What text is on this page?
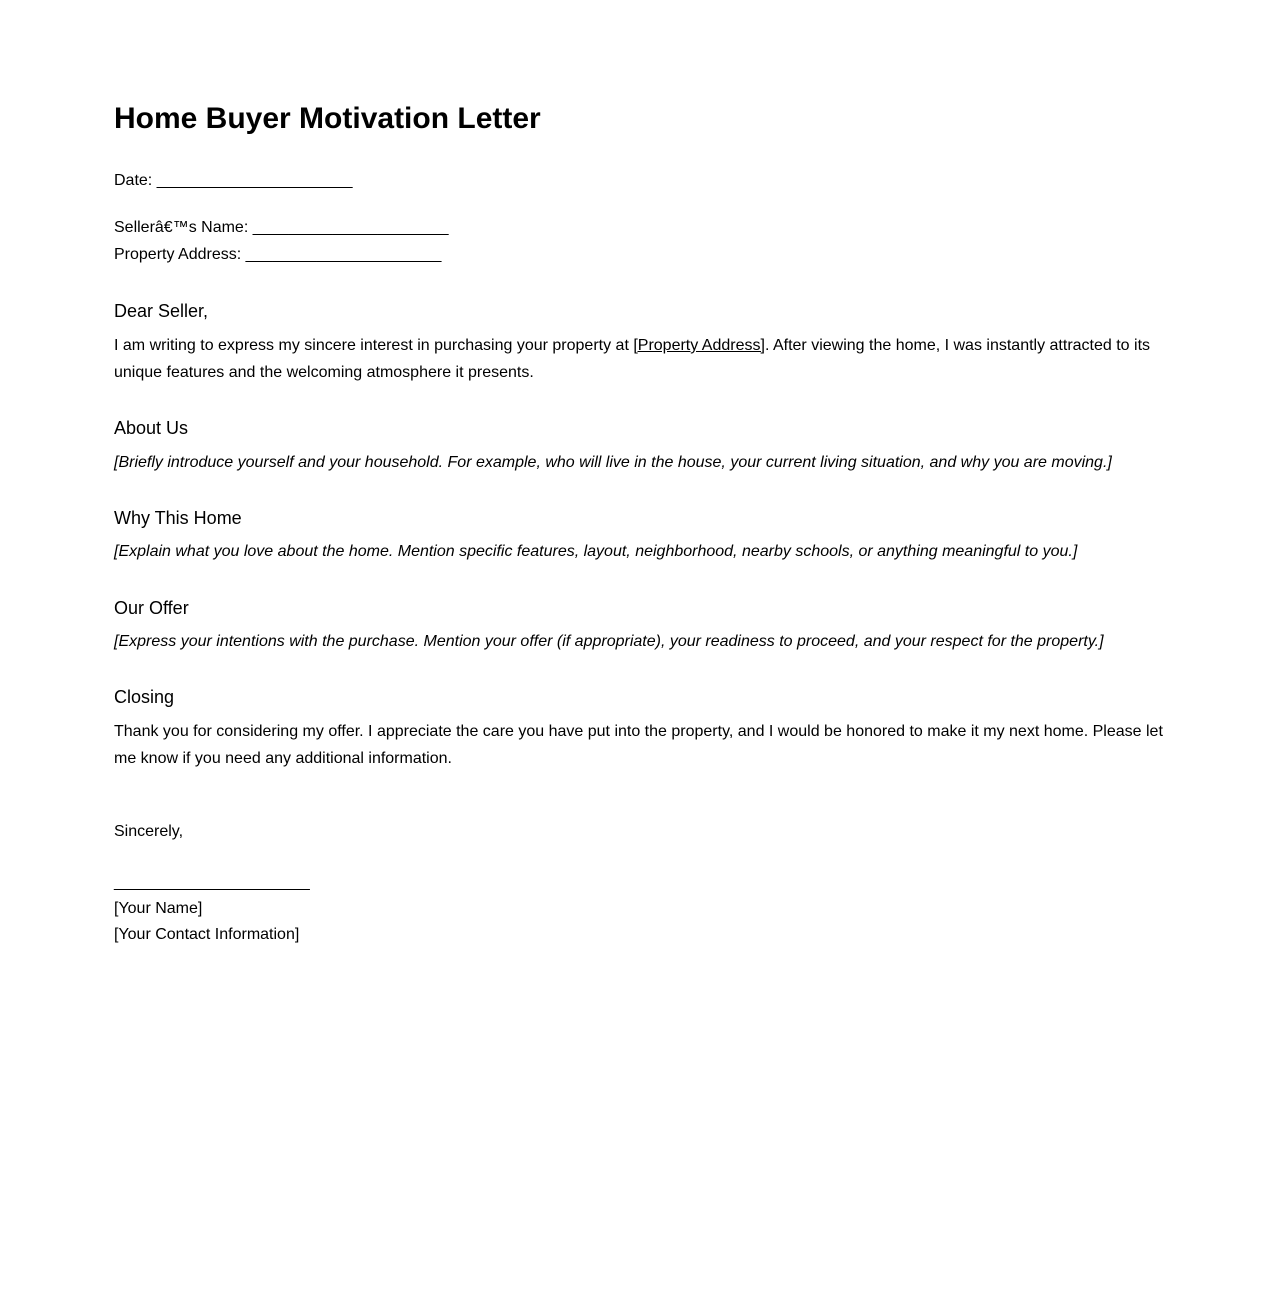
Home Buyer Motivation Letter
Date: ______________________
Sellerâ€™s Name: ______________________
Property Address: ______________________
Dear Seller,

I am writing to express my sincere interest in purchasing your property at [Property Address]. After viewing the home, I was instantly attracted to its unique features and the welcoming atmosphere it presents.

About Us

[Briefly introduce yourself and your household. For example, who will live in the house, your current living situation, and why you are moving.]

Why This Home

[Explain what you love about the home. Mention specific features, layout, neighborhood, nearby schools, or anything meaningful to you.]

Our Offer

[Express your intentions with the purchase. Mention your offer (if appropriate), your readiness to proceed, and your respect for the property.]

Closing

Thank you for considering my offer. I appreciate the care you have put into the property, and I would be honored to make it my next home. Please let me know if you need any additional information.

Sincerely,
______________________
[Your Name]
[Your Contact Information]
